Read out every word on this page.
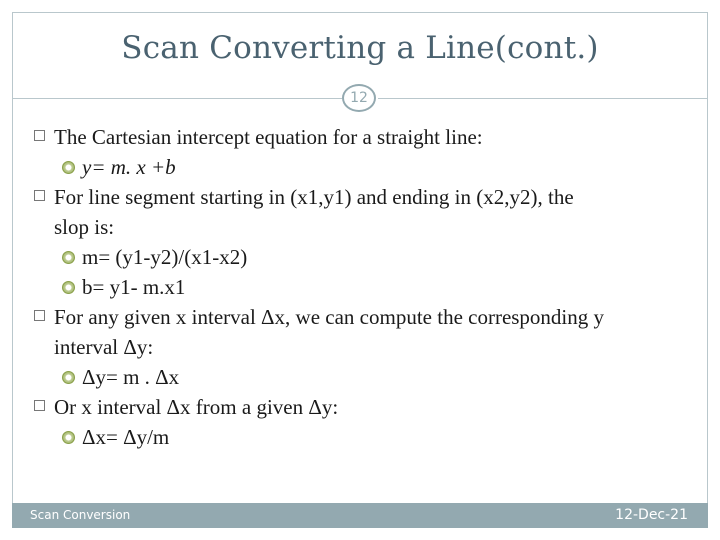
Scan Converting a Line(cont.)
12
The Cartesian intercept equation for a straight line:
y= m. x +b
For line segment starting in (x1,y1) and ending in (x2,y2), the
slop is:
m= (y1-y2)/(x1-x2)
b= y1- m.x1
For any given x interval Δx, we can compute the corresponding y
interval Δy:
Δy= m . Δx
Or x interval Δx from a given Δy:
Δx= Δy/m
Scan Conversion	12-Dec-21
